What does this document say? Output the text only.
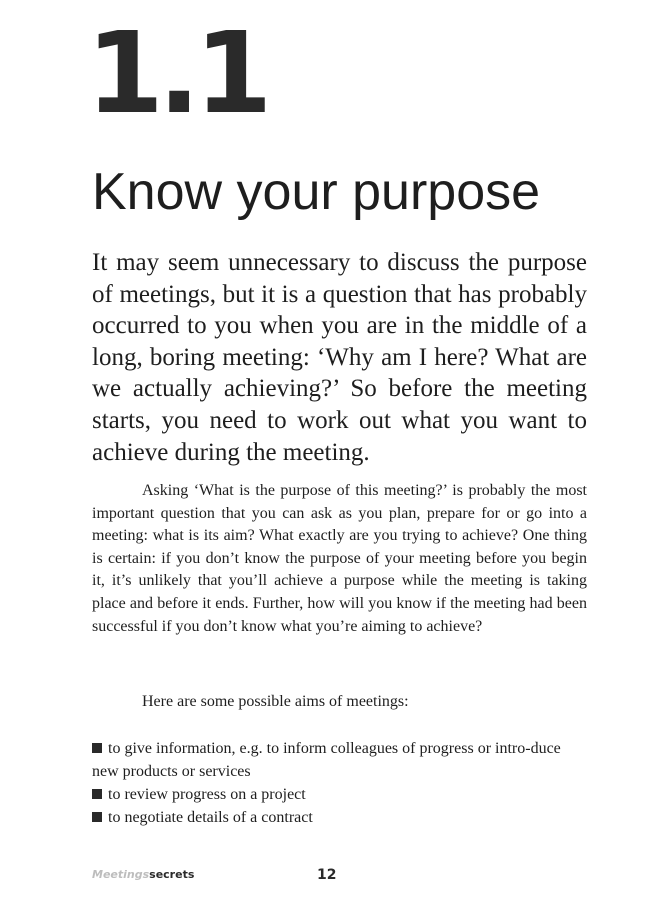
1.1
Know your purpose

It may seem unnecessary to discuss the purpose of meetings, but it is a question that has probably occurred to you when you are in the middle of a long, boring meeting: ‘Why am I here? What are we actually achieving?’ So before the meeting starts, you need to work out what you want to achieve during the meeting.

Asking ‘What is the purpose of this meeting?’ is probably the most important question that you can ask as you plan, prepare for or go into a meeting: what is its aim? What exactly are you trying to achieve? One thing is certain: if you don’t know the purpose of your meeting before you begin it, it’s unlikely that you’ll achieve a purpose while the meeting is taking place and before it ends. Further, how will you know if the meeting had been successful if you don’t know what you’re aiming to achieve?

Here are some possible aims of meetings:

to give information, e.g. to inform colleagues of progress or intro-duce new products or services
to review progress on a project
to negotiate details of a contract
Meetingssecrets	12
